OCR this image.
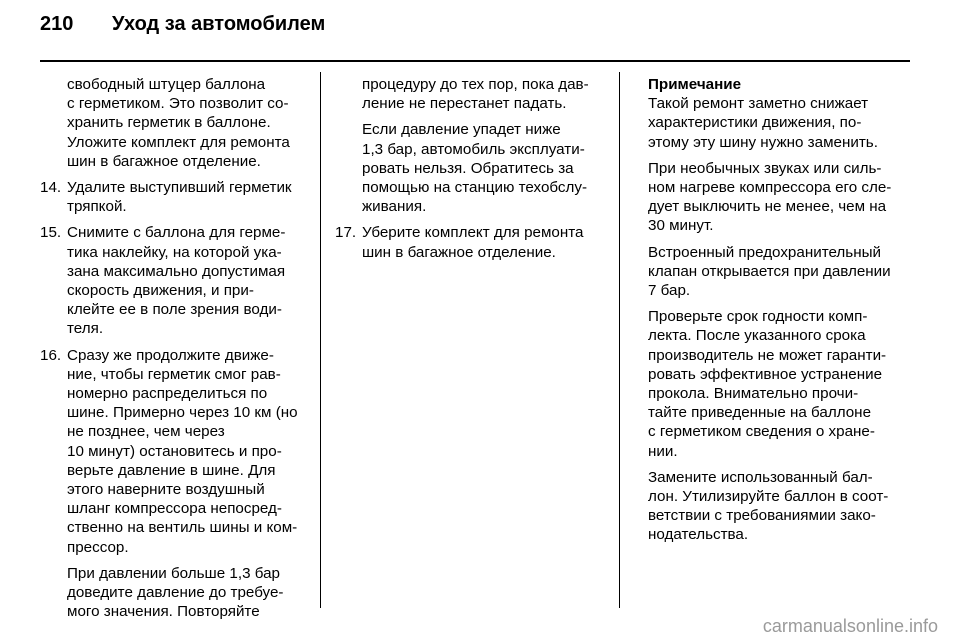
210 Уход за автомобилем

свободный штуцер баллона
с герметиком. Это позволит со-
хранить герметик в баллоне.
Уложите комплект для ремонта
шин в багажное отделение.

14. Удалите выступивший герметик
тряпкой.
15. Снимите с баллона для герме-
тика наклейку, на которой ука-
зана максимально допустимая
скорость движения, и при-
клейте ее в поле зрения води-
теля.
16. Сразу же продолжите движе-
ние, чтобы герметик смог рав-
номерно распределиться по
шине. Примерно через 10 км (но
не позднее, чем через
10 минут) остановитесь и про-
верьте давление в шине. Для
этого наверните воздушный
шланг компрессора непосред-
ственно на вентиль шины и ком-
прессор.
При давлении больше 1,3 бар
доведите давление до требуе-
мого значения. Повторяйте

процедуру до тех пор, пока дав-
ление не перестанет падать.

Если давление упадет ниже
1,3 бар, автомобиль эксплуати-
ровать нельзя. Обратитесь за
помощью на станцию техобслу-
живания.

17. Уберите комплект для ремонта
шин в багажное отделение.
Примечание

Такой ремонт заметно снижает
характеристики движения, по-
этому эту шину нужно заменить.

При необычных звуках или силь-
ном нагреве компрессора его сле-
дует выключить не менее, чем на
30 минут.

Встроенный предохранительный
клапан открывается при давлении
7 бар.

Проверьте срок годности комп-
лекта. После указанного срока
производитель не может гаранти-
ровать эффективное устранение
прокола. Внимательно прочи-
тайте приведенные на баллоне
с герметиком сведения о хране-
нии.

Замените использованный бал-
лон. Утилизируйте баллон в соот-
ветствии с требованиямии зако-
нодательства.

carmanualsonline.info
